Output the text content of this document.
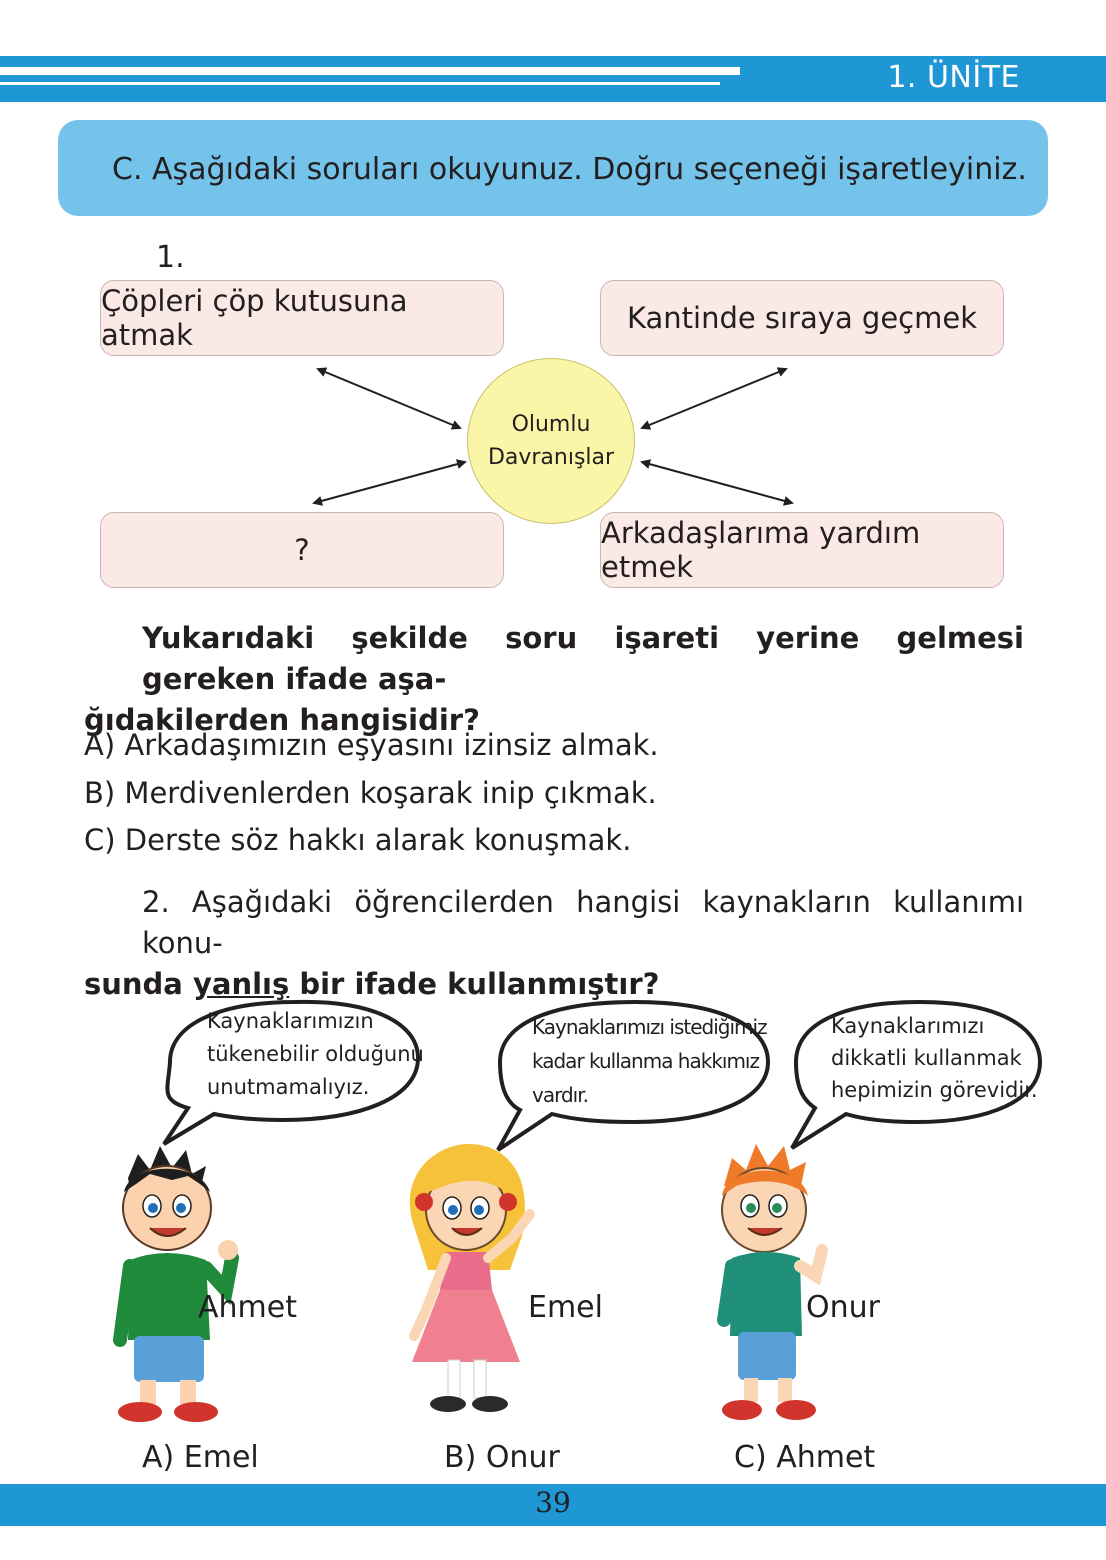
1. ÜNİTE
C. Aşağıdaki soruları okuyunuz. Doğru seçeneği işaretleyiniz.
1.
Çöpleri çöp kutusuna atmak	Kantinde sıraya geçmek
?	Arkadaşlarıma yardım etmek
Olumlu
Davranışlar
Yukarıdaki şekilde soru işareti yerine gelmesi gereken ifade aşa-
ğıdakilerden hangisidir?
A) Arkadaşımızın eşyasını izinsiz almak.
B) Merdivenlerden koşarak inip çıkmak.
C) Derste söz hakkı alarak konuşmak.
2. Aşağıdaki öğrencilerden hangisi kaynakların kullanımı konu-
sunda yanlış bir ifade kullanmıştır?
Kaynaklarımızın
tükenebilir olduğunu
unutmamalıyız.
Kaynaklarımızı istediğimiz
kadar kullanma hakkımız
vardır.
Kaynaklarımızı
dikkatli kullanmak
hepimizin görevidir.
Ahmet	Emel	Onur
A) Emel	B) Onur	C) Ahmet
39
